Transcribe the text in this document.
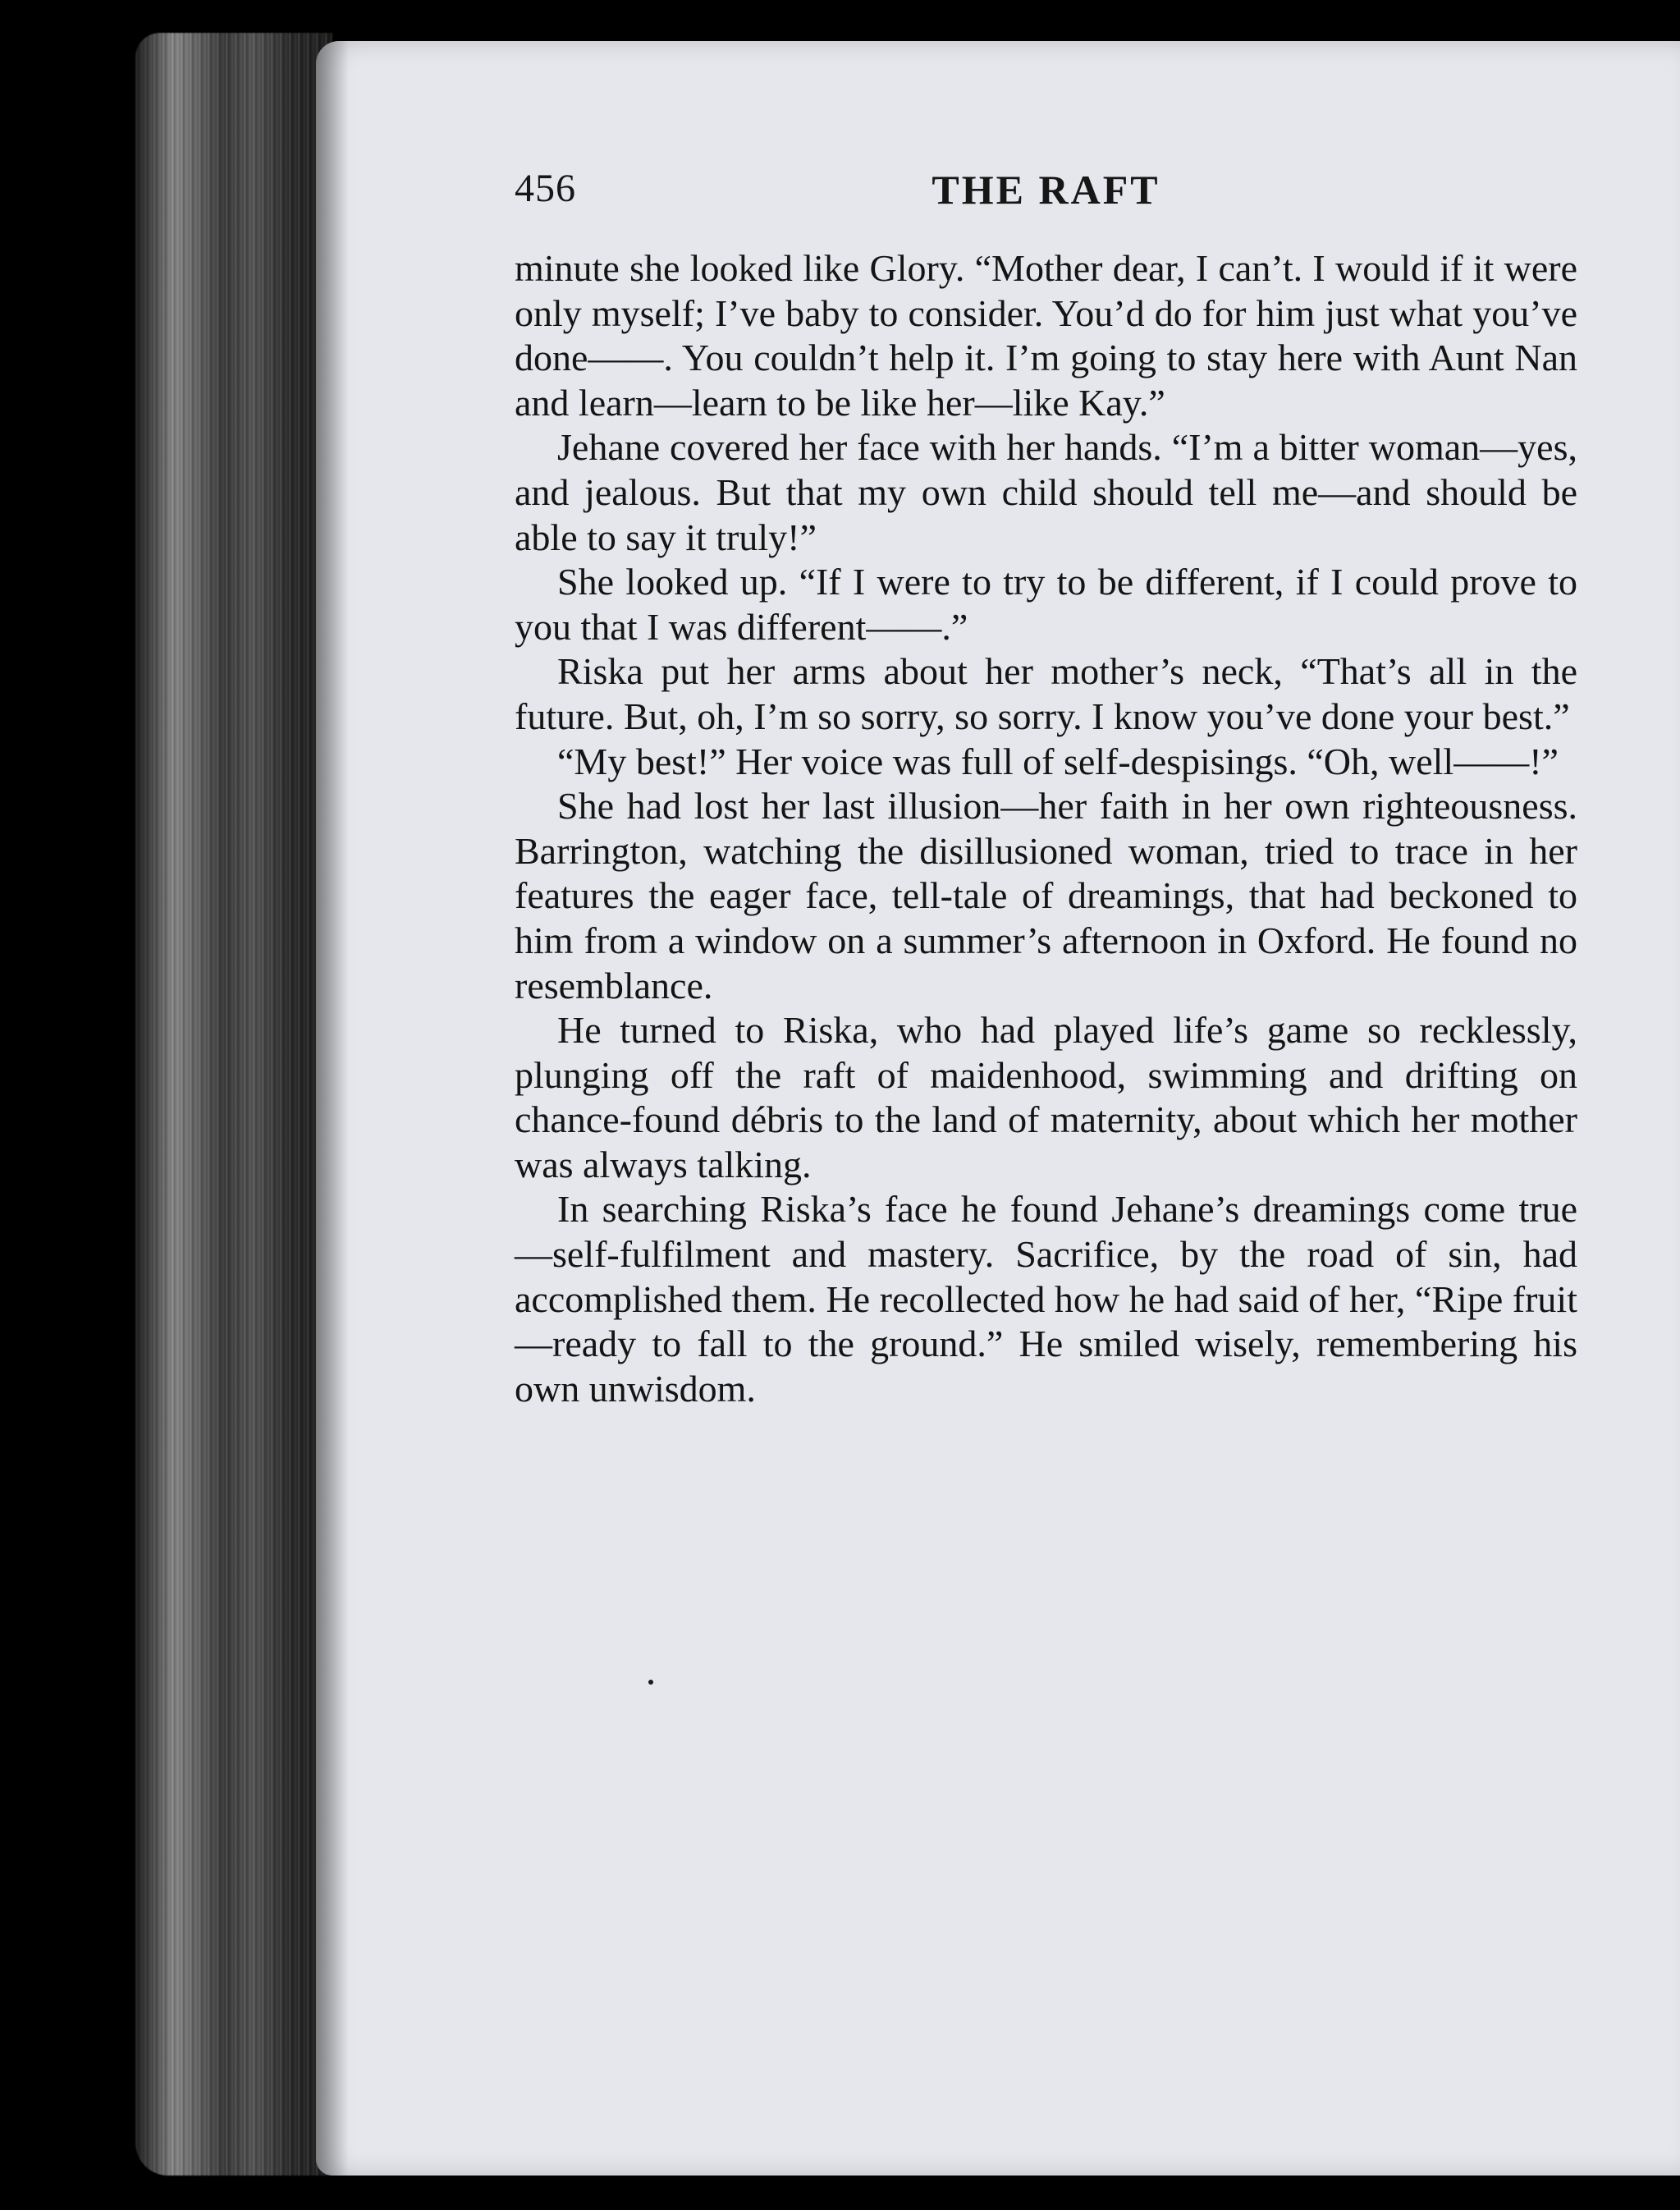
456	THE RAFT

minute she looked like Glory. “Mother dear, I can’t. I would if it were only myself; I’ve baby to consider. You’d do for him just what you’ve done——. You couldn’t help it. I’m going to stay here with Aunt Nan and learn—learn to be like her—like Kay.”

Jehane covered her face with her hands. “I’m a bitter woman—yes, and jealous. But that my own child should tell me—and should be able to say it truly!”

She looked up. “If I were to try to be different, if I could prove to you that I was different——.”

Riska put her arms about her mother’s neck, “That’s all in the future. But, oh, I’m so sorry, so sorry. I know you’ve done your best.”

“My best!” Her voice was full of self-despisings. “Oh, well——!”

She had lost her last illusion—her faith in her own righteousness. Barrington, watching the disillusioned woman, tried to trace in her features the eager face, tell-tale of dreamings, that had beckoned to him from a window on a summer’s afternoon in Oxford. He found no resemblance.

He turned to Riska, who had played life’s game so recklessly, plunging off the raft of maidenhood, swimming and drifting on chance-found débris to the land of maternity, about which her mother was always talking.

In searching Riska’s face he found Jehane’s dreamings come true—self-fulfilment and mastery. Sacrifice, by the road of sin, had accomplished them. He recollected how he had said of her, “Ripe fruit—ready to fall to the ground.” He smiled wisely, remembering his own unwisdom.
